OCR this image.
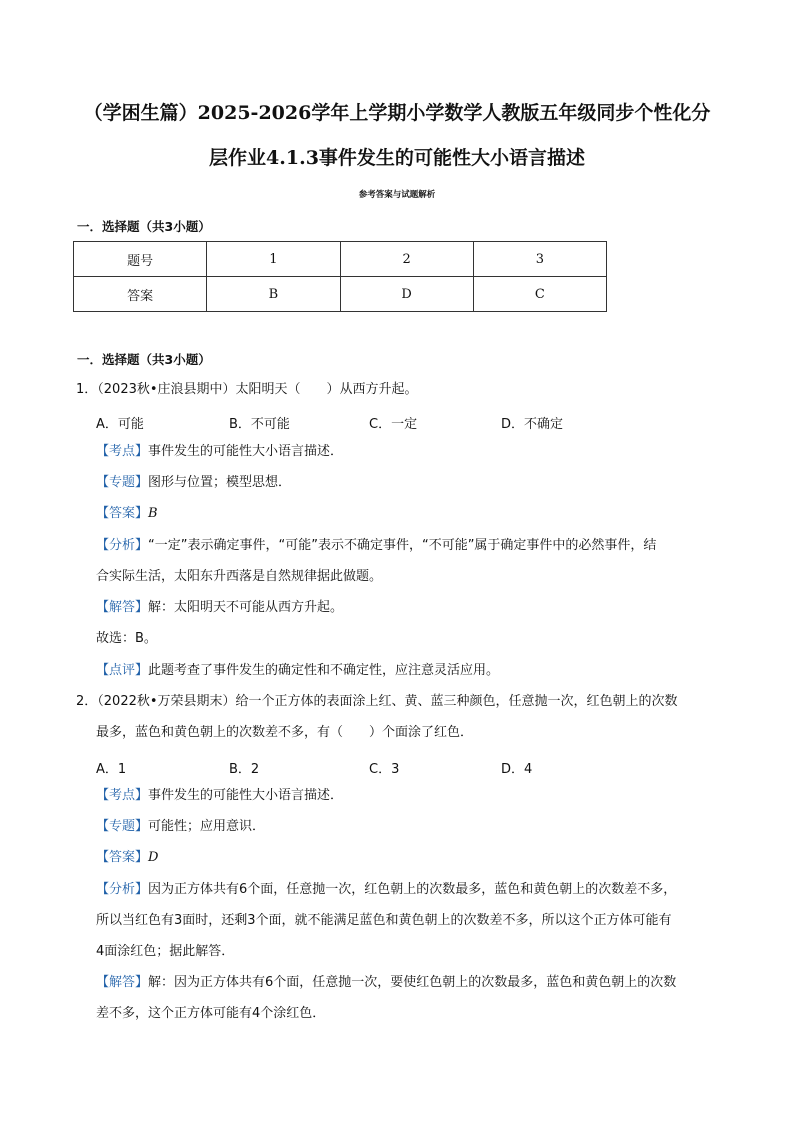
（学困生篇）2025-2026学年上学期小学数学人教版五年级同步个性化分
层作业4.1.3事件发生的可能性大小语言描述
参考答案与试题解析
一．选择题（共3小题）
题号	1	2	3
答案	B	D	C
一．选择题（共3小题）
1．（2023秋•庄浪县期中）太阳明天（　　）从西方升起。
A．可能	B．不可能	C．一定	D．不确定
【考点】事件发生的可能性大小语言描述．
【专题】图形与位置；模型思想．
【答案】B
【分析】“一定”表示确定事件，“可能”表示不确定事件，“不可能”属于确定事件中的必然事件，结
合实际生活，太阳东升西落是自然规律据此做题。
【解答】解：太阳明天不可能从西方升起。
故选：B。
【点评】此题考查了事件发生的确定性和不确定性，应注意灵活应用。
2．（2022秋•万荣县期末）给一个正方体的表面涂上红、黄、蓝三种颜色，任意抛一次，红色朝上的次数
最多，蓝色和黄色朝上的次数差不多，有（　　）个面涂了红色．
A．1	B．2	C．3	D．4
【考点】事件发生的可能性大小语言描述．
【专题】可能性；应用意识．
【答案】D
【分析】因为正方体共有6个面，任意抛一次，红色朝上的次数最多，蓝色和黄色朝上的次数差不多，
所以当红色有3面时，还剩3个面，就不能满足蓝色和黄色朝上的次数差不多，所以这个正方体可能有
4面涂红色；据此解答．
【解答】解：因为正方体共有6个面，任意抛一次，要使红色朝上的次数最多，蓝色和黄色朝上的次数
差不多，这个正方体可能有4个涂红色．
